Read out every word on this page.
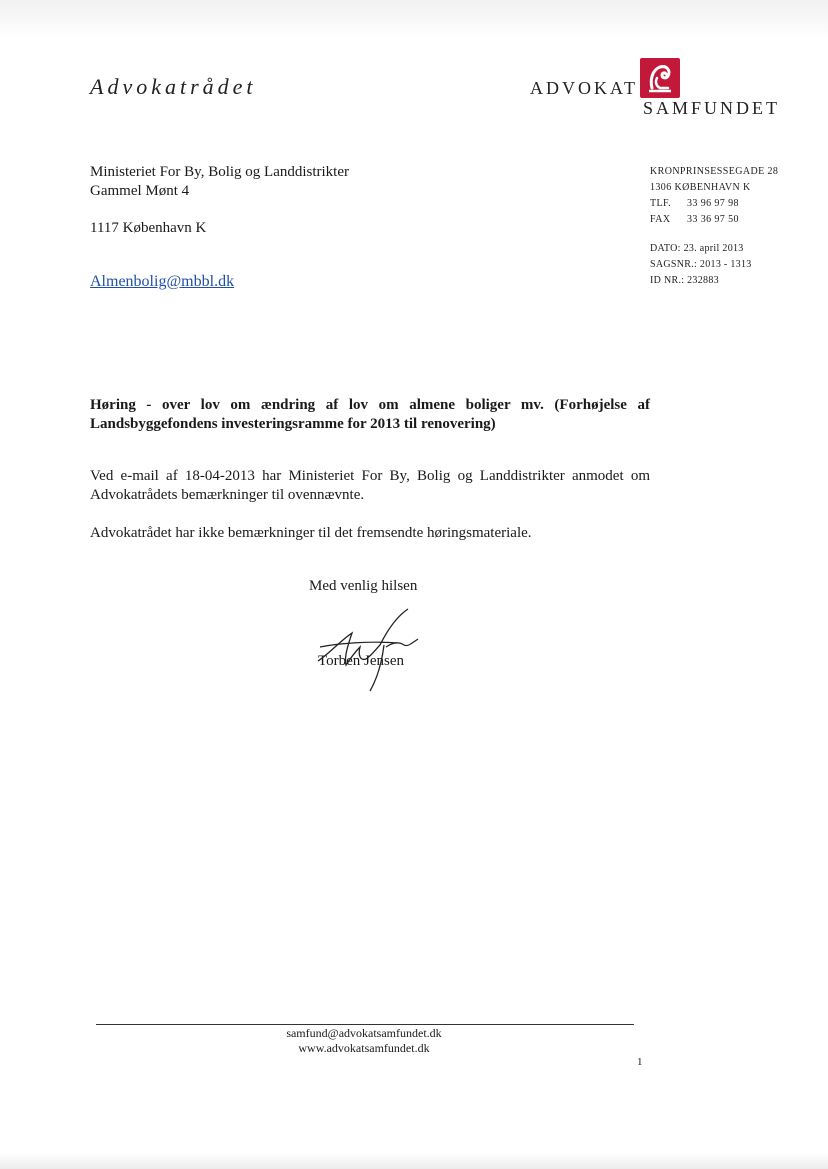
Advokatrådet	ADVOKAT
SAMFUNDET
Ministeriet For By, Bolig og Landdistrikter
Gammel Mønt 4
1117 København K
Almenbolig@mbbl.dk
KRONPRINSESSEGADE 28
1306 KØBENHAVN K
TLF. 33 96 97 98
FAX 33 36 97 50
DATO: 23. april 2013
SAGSNR.: 2013 - 1313
ID NR.: 232883
Høring - over lov om ændring af lov om almene boliger mv. (Forhøjelse af Landsbyggefondens investeringsramme for 2013 til renovering)
Ved e-mail af 18-04-2013 har Ministeriet For By, Bolig og Landdistrikter anmodet om Advokatrådets bemærkninger til ovennævnte.
Advokatrådet har ikke bemærkninger til det fremsendte høringsmateriale.
Med venlig hilsen
Torben Jensen
samfund@advokatsamfundet.dk
www.advokatsamfundet.dk
1
